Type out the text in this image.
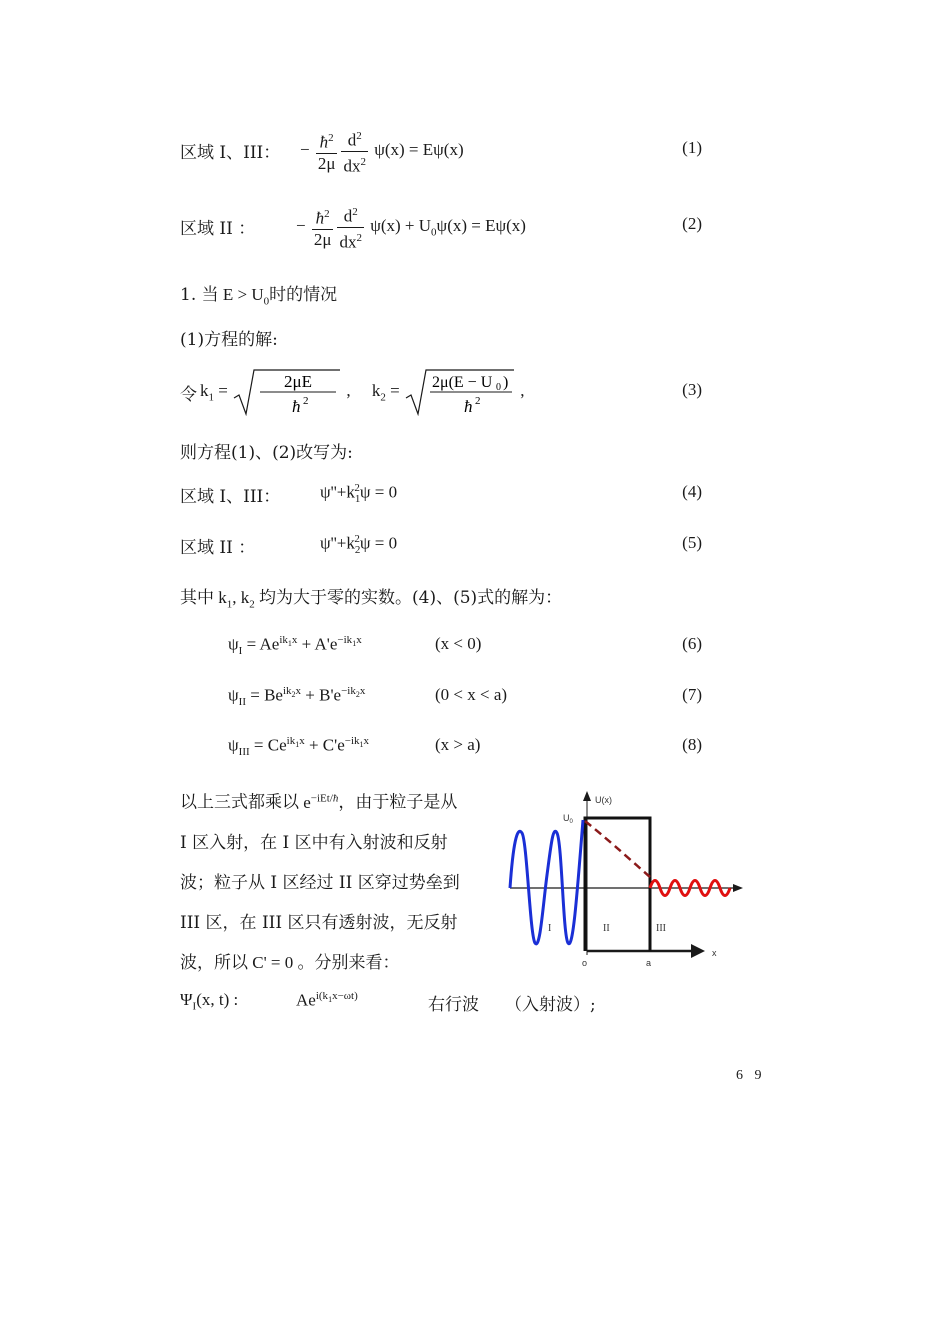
区域 I、III： − $\frac{ħ^2}{2\mu} \frac{d^2}{dx^2} \psi(x) = E\psi(x)$	(1)
区域 II ： − $\frac{ħ^2}{2\mu} \frac{d^2}{dx^2} \psi(x) + U_0\psi(x) = E\psi(x)$	(2)
1. 当 $E > U_0$时的情况
(1)方程的解:
令 $k_1$ =	2μE
ħ 2
,     $k_2 = 2\mu(E - U$ 0 )
ħ 2
,	(3)
则方程(1)、(2)改写为:
区域 I、III： $\psi''+k_1^2\psi = 0$	(4)
区域 II ：	$\psi''+k_2^2\psi = 0$	(5)
其中 $k_1$, $k_2$ 均为大于零的实数。(4)、(5)式的解为：
$\psi_I = Ae^{ik_1x} + A'e^{-ik_1x}$	(x < 0)	(6)
$\psi_{II} = Be^{ik_2x} + B'e^{-ik_2x}$	(0 < x < a)	(7)
$\psi_{III} = Ce^{ik_1x} + C'e^{-ik_1x}$	(x > a)	(8)
以上三式都乘以 $e^{-iEt/ħ}$，由于粒子是从
I 区入射，在 I 区中有入射波和反射
波；粒子从 I 区经过 II 区穿过势垒到
III 区，在 III 区只有透射波，无反射
波，所以 C' = 0 。分别来看：
U(x)
x
$U_0$
o	a
I	II	III
$\Psi_I(x$, t) :	$Ae^{i(k_1x-\omega t)}$	右行波 （入射波）;
6 9
